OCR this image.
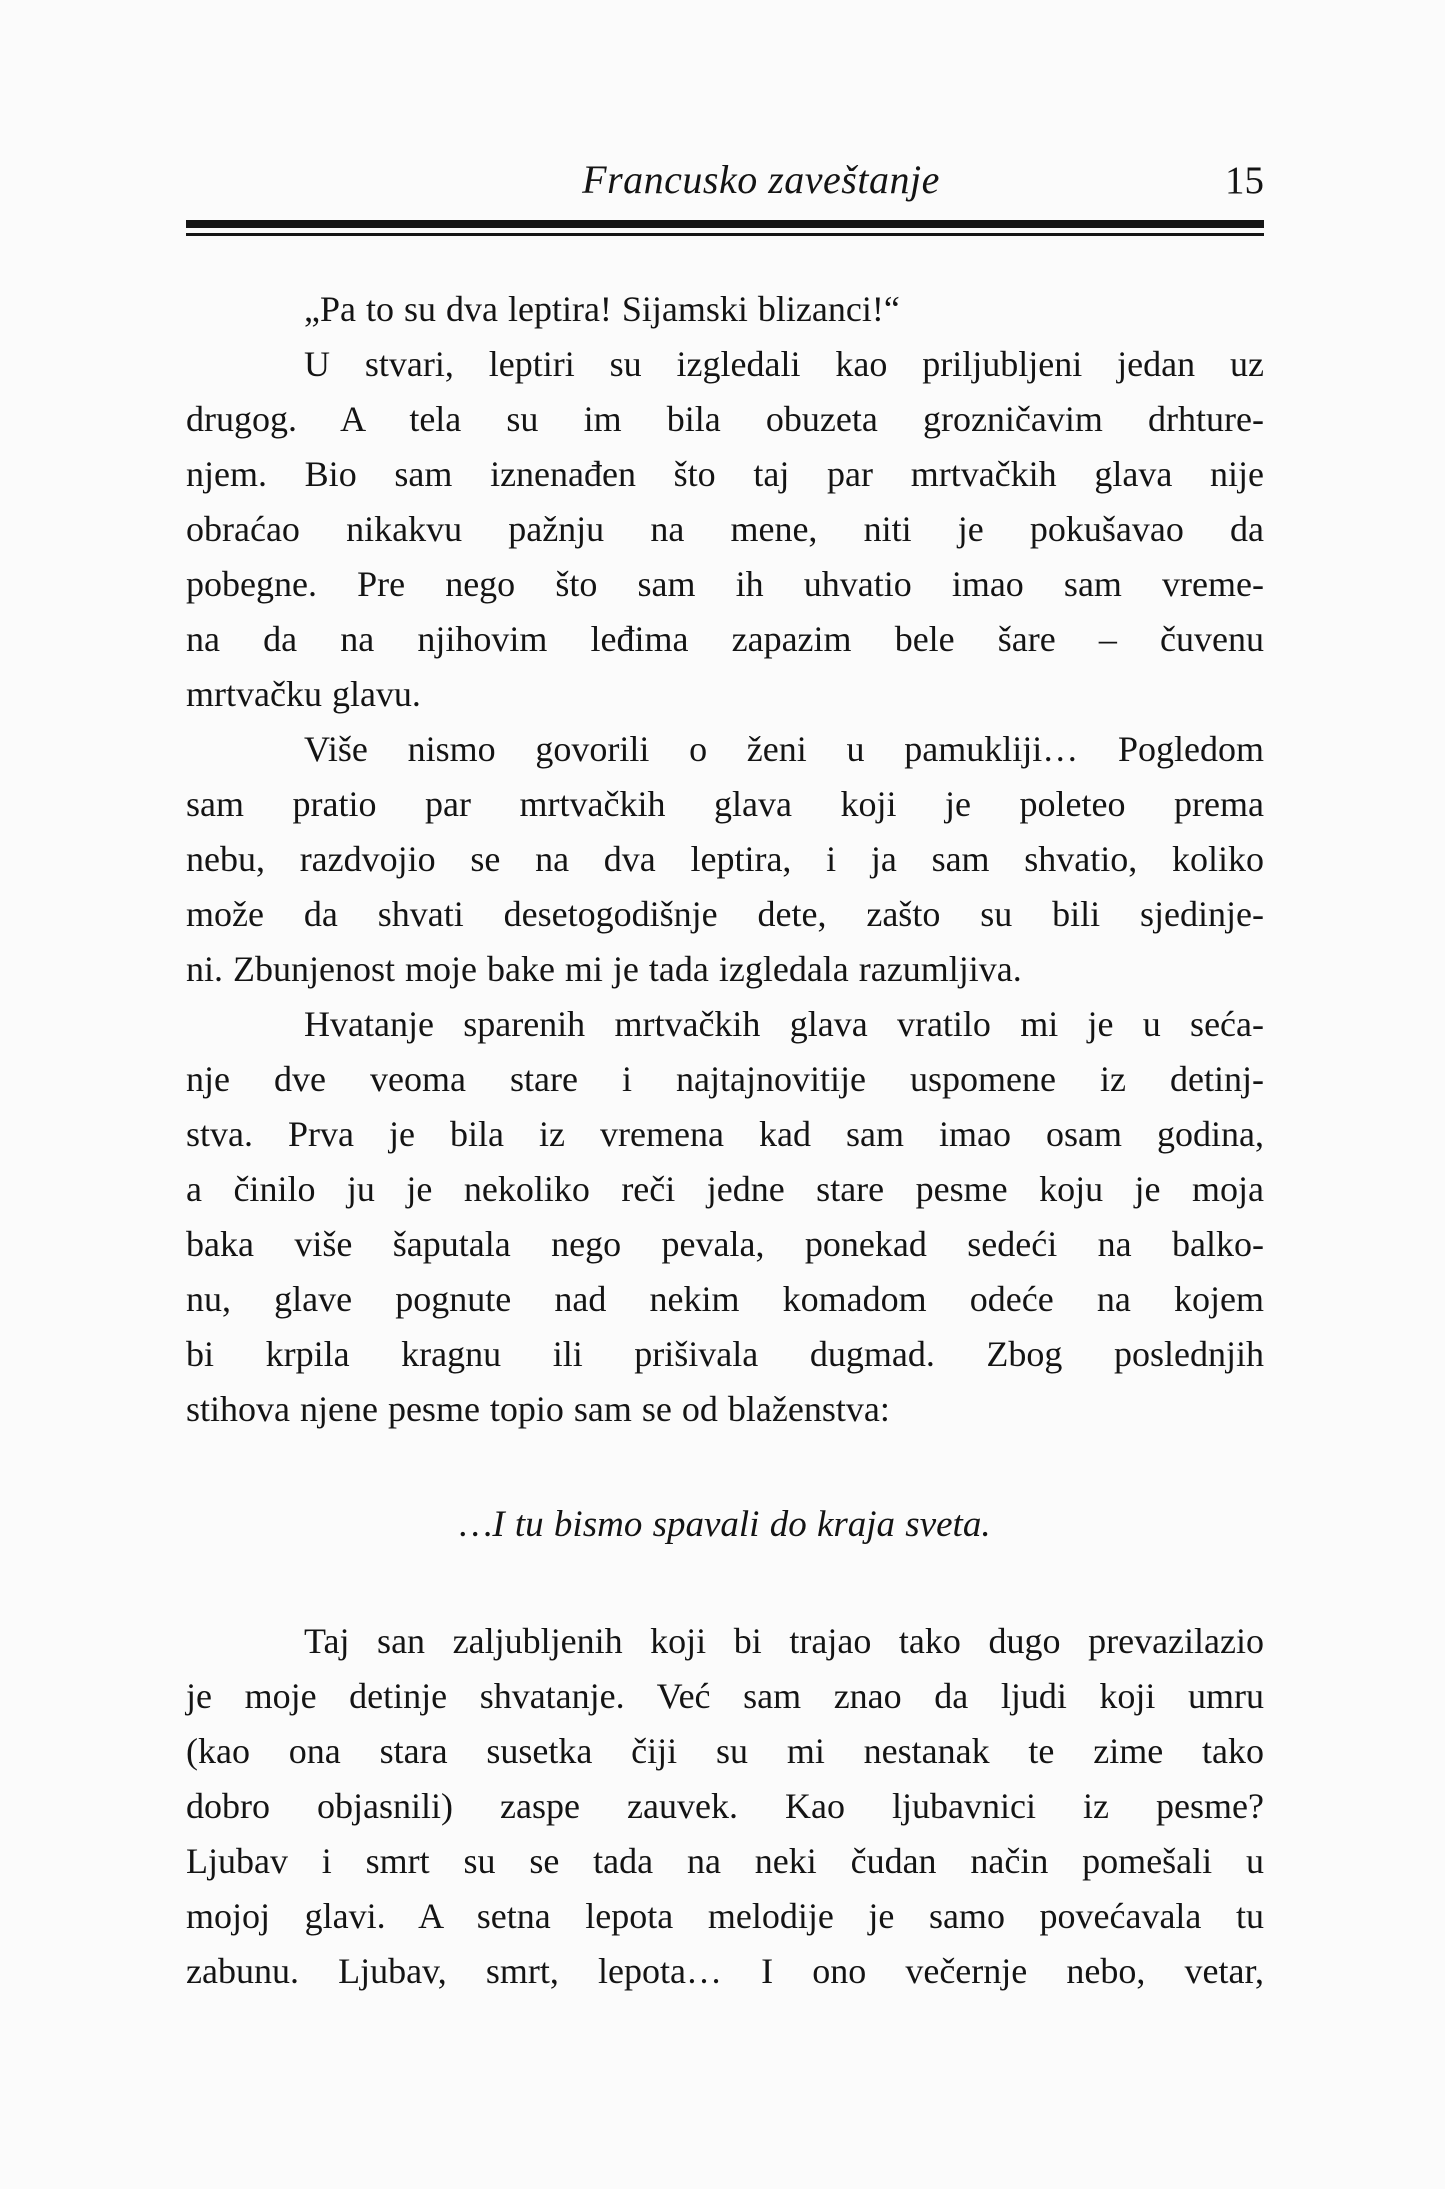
Francusko zaveštanje	15
„Pa to su dva leptira! Sijamski blizanci!“
U stvari, leptiri su izgledali kao priljubljeni jedan uz
drugog. A tela su im bila obuzeta grozničavim drhture-
njem. Bio sam iznenađen što taj par mrtvačkih glava nije
obraćao nikakvu pažnju na mene, niti je pokušavao da
pobegne. Pre nego što sam ih uhvatio imao sam vreme-
na da na njihovim leđima zapazim bele šare – čuvenu
mrtvačku glavu.
Više nismo govorili o ženi u pamukliji… Pogledom
sam pratio par mrtvačkih glava koji je poleteo prema
nebu, razdvojio se na dva leptira, i ja sam shvatio, koliko
može da shvati desetogodišnje dete, zašto su bili sjedinje-
ni. Zbunjenost moje bake mi je tada izgledala razumljiva.
Hvatanje sparenih mrtvačkih glava vratilo mi je u seća-
nje dve veoma stare i najtajnovitije uspomene iz detinj-
stva. Prva je bila iz vremena kad sam imao osam godina,
a činilo ju je nekoliko reči jedne stare pesme koju je moja
baka više šaputala nego pevala, ponekad sedeći na balko-
nu, glave pognute nad nekim komadom odeće na kojem
bi krpila kragnu ili prišivala dugmad. Zbog poslednjih
stihova njene pesme topio sam se od blaženstva:
…I tu bismo spavali do kraja sveta.
Taj san zaljubljenih koji bi trajao tako dugo prevazilazio
je moje detinje shvatanje. Već sam znao da ljudi koji umru
(kao ona stara susetka čiji su mi nestanak te zime tako
dobro objasnili) zaspe zauvek. Kao ljubavnici iz pesme?
Ljubav i smrt su se tada na neki čudan način pomešali u
mojoj glavi. A setna lepota melodije je samo povećavala tu
zabunu. Ljubav, smrt, lepota… I ono večernje nebo, vetar,
